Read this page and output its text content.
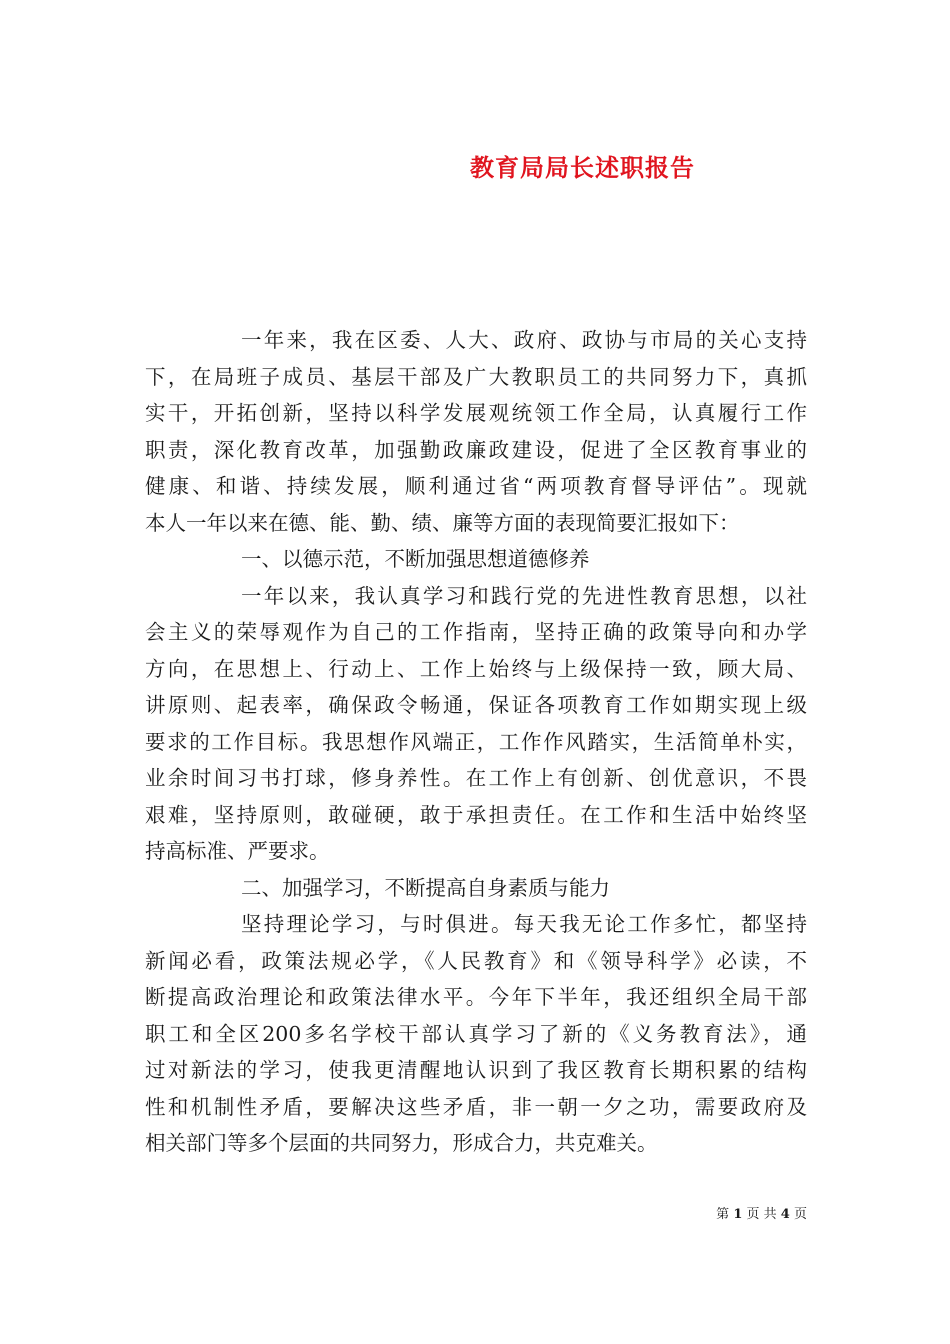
教育局局长述职报告
一年来，我在区委、人大、政府、政协与市局的关心支持
下，在局班子成员、基层干部及广大教职员工的共同努力下，真抓
实干，开拓创新，坚持以科学发展观统领工作全局，认真履行工作
职责，深化教育改革，加强勤政廉政建设，促进了全区教育事业的
健康、和谐、持续发展，顺利通过省“两项教育督导评估”。现就
本人一年以来在德、能、勤、绩、廉等方面的表现简要汇报如下：
一、以德示范，不断加强思想道德修养
一年以来，我认真学习和践行党的先进性教育思想，以社
会主义的荣辱观作为自己的工作指南，坚持正确的政策导向和办学
方向，在思想上、行动上、工作上始终与上级保持一致，顾大局、
讲原则、起表率，确保政令畅通，保证各项教育工作如期实现上级
要求的工作目标。我思想作风端正，工作作风踏实，生活简单朴实，
业余时间习书打球，修身养性。在工作上有创新、创优意识，不畏
艰难，坚持原则，敢碰硬，敢于承担责任。在工作和生活中始终坚
持高标准、严要求。
二、加强学习，不断提高自身素质与能力
坚持理论学习，与时俱进。每天我无论工作多忙，都坚持
新闻必看，政策法规必学，《人民教育》和《领导科学》必读，不
断提高政治理论和政策法律水平。今年下半年，我还组织全局干部
职工和全区200多名学校干部认真学习了新的《义务教育法》，通
过对新法的学习，使我更清醒地认识到了我区教育长期积累的结构
性和机制性矛盾，要解决这些矛盾，非一朝一夕之功，需要政府及
相关部门等多个层面的共同努力，形成合力，共克难关。
第 1 页 共 4 页
